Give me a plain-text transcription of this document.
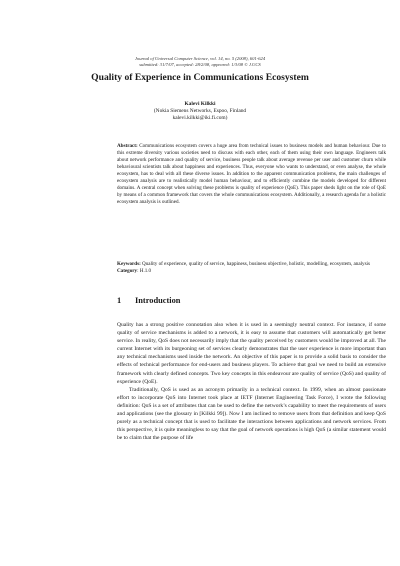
Journal of Universal Computer Science, vol. 14, no. 5 (2008), 601-624
submitted: 31/7/07, accepted: 28/2/08, appeared: 1/3/08 © J.UCS
Quality of Experience in Communications Ecosystem
Kalevi Kilkki
(Nokia Siemens Networks, Espoo, Finland
kalevi.kilkki@iki.fi.com)
Abstract: Communications ecosystem covers a huge area from technical issues to business models and human behaviour. Due to this extreme diversity various societies need to discuss with each other, each of them using their own language. Engineers talk about network performance and quality of service, business people talk about average revenue per user and customer churn while behavioural scientists talk about happiness and experiences. Thus, everyone who wants to understand, or even analyse, the whole ecosystem, has to deal with all these diverse issues. In addition to the apparent communication problems, the main challenges of ecosystem analysis are to realistically model human behaviour, and to efficiently combine the models developed for different domains. A central concept when solving these problems is quality of experience (QoE). This paper sheds light on the role of QoE by means of a common framework that covers the whole communications ecosystem. Additionally, a research agenda for a holistic ecosystem analysis is outlined.
Keywords: Quality of experience, quality of service, happiness, business objective, holistic, modelling, ecosystem, analysis
Category: H.1.0
1 Introduction

Quality has a strong positive connotation also when it is used in a seemingly neutral context. For instance, if some quality of service mechanisms is added to a network, it is easy to assume that customers will automatically get better service. In reality, QoS does not necessarily imply that the quality perceived by customers would be improved at all. The current Internet with its burgeoning set of services clearly demonstrates that the user experience is more important than any technical mechanisms used inside the network. An objective of this paper is to provide a solid basis to consider the effects of technical performance for end-users and business players. To achieve that goal we need to build an extensive framework with clearly defined concepts. Two key concepts in this endeavour are quality of service (QoS) and quality of experience (QoE).

Traditionally, QoS is used as an acronym primarily in a technical context. In 1999, when an almost passionate effort to incorporate QoS into Internet took place at IETF (Internet Engineering Task Force), I wrote the following definition: QoS is a set of attributes that can be used to define the network’s capability to meet the requirements of users and applications (see the glossary in [Kilkki 99]). Now I am inclined to remove users from that definition and keep QoS purely as a technical concept that is used to facilitate the interactions between applications and network services. From this perspective, it is quite meaningless to say that the goal of network operations is high QoS (a similar statement would be to claim that the purpose of life
